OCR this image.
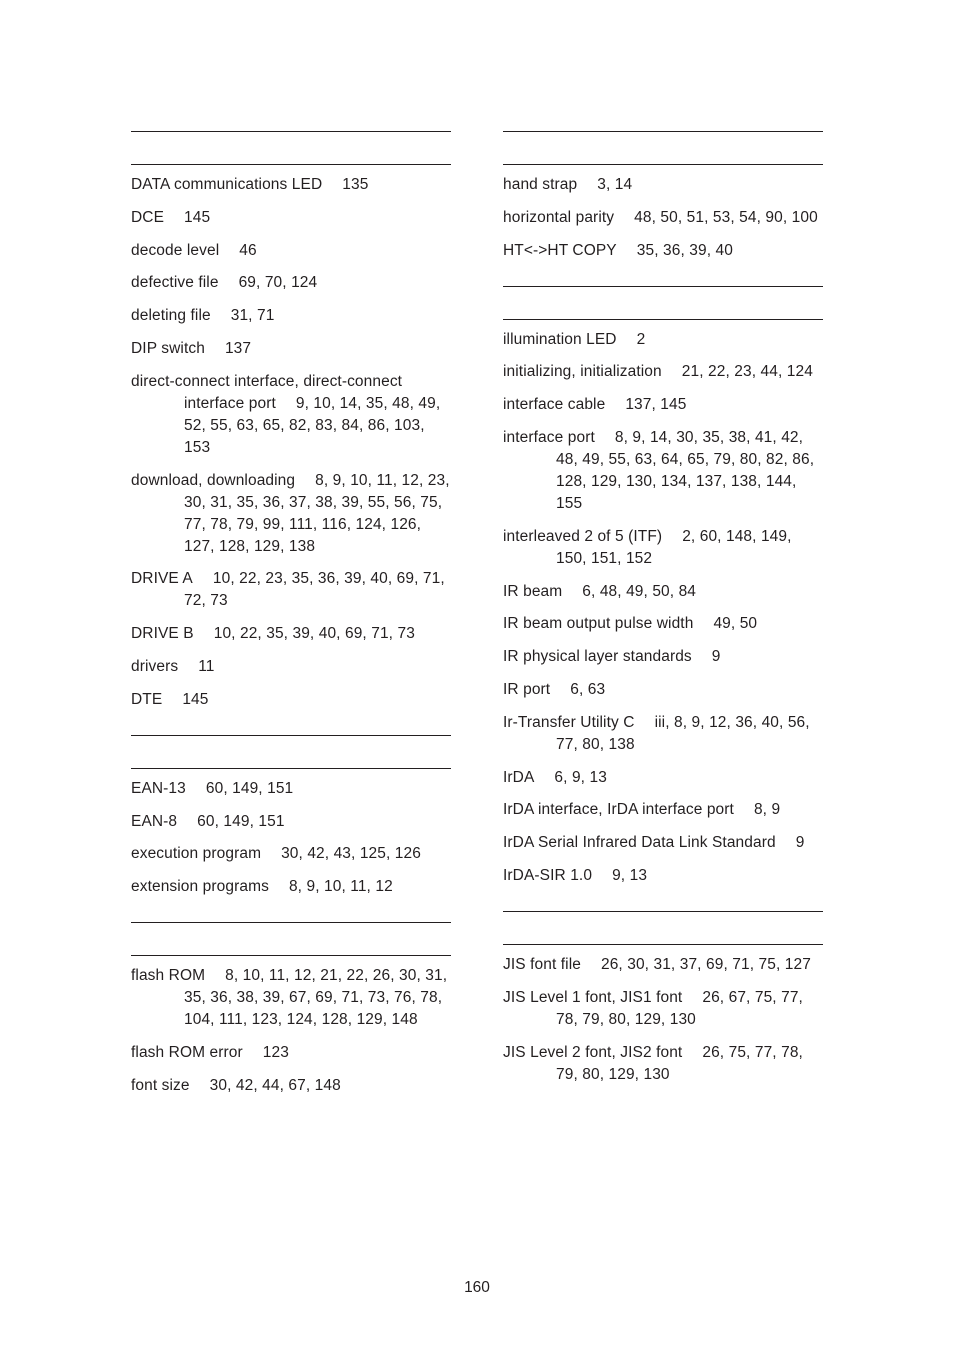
DATA communications LED 135
DCE 145
decode level 46
defective file 69, 70, 124
deleting file 31, 71
DIP switch 137
direct-connect interface, direct-connect interface port 9, 10, 14, 35, 48, 49, 52, 55, 63, 65, 82, 83, 84, 86, 103, 153
download, downloading 8, 9, 10, 11, 12, 23, 30, 31, 35, 36, 37, 38, 39, 55, 56, 75, 77, 78, 79, 99, 111, 116, 124, 126, 127, 128, 129, 138
DRIVE A 10, 22, 23, 35, 36, 39, 40, 69, 71, 72, 73
DRIVE B 10, 22, 35, 39, 40, 69, 71, 73
drivers 11
DTE 145
EAN-13 60, 149, 151
EAN-8 60, 149, 151
execution program 30, 42, 43, 125, 126
extension programs 8, 9, 10, 11, 12
flash ROM 8, 10, 11, 12, 21, 22, 26, 30, 31, 35, 36, 38, 39, 67, 69, 71, 73, 76, 78, 104, 111, 123, 124, 128, 129, 148
flash ROM error 123
font size 30, 42, 44, 67, 148
hand strap 3, 14
horizontal parity 48, 50, 51, 53, 54, 90, 100
HT<->HT COPY 35, 36, 39, 40
illumination LED 2
initializing, initialization 21, 22, 23, 44, 124
interface cable 137, 145
interface port 8, 9, 14, 30, 35, 38, 41, 42, 48, 49, 55, 63, 64, 65, 79, 80, 82, 86, 128, 129, 130, 134, 137, 138, 144, 155
interleaved 2 of 5 (ITF) 2, 60, 148, 149, 150, 151, 152
IR beam 6, 48, 49, 50, 84
IR beam output pulse width 49, 50
IR physical layer standards 9
IR port 6, 63
Ir-Transfer Utility C iii, 8, 9, 12, 36, 40, 56, 77, 80, 138
IrDA 6, 9, 13
IrDA interface, IrDA interface port 8, 9
IrDA Serial Infrared Data Link Standard 9
IrDA-SIR 1.0 9, 13
JIS font file 26, 30, 31, 37, 69, 71, 75, 127
JIS Level 1 font, JIS1 font 26, 67, 75, 77, 78, 79, 80, 129, 130
JIS Level 2 font, JIS2 font 26, 75, 77, 78, 79, 80, 129, 130
160
